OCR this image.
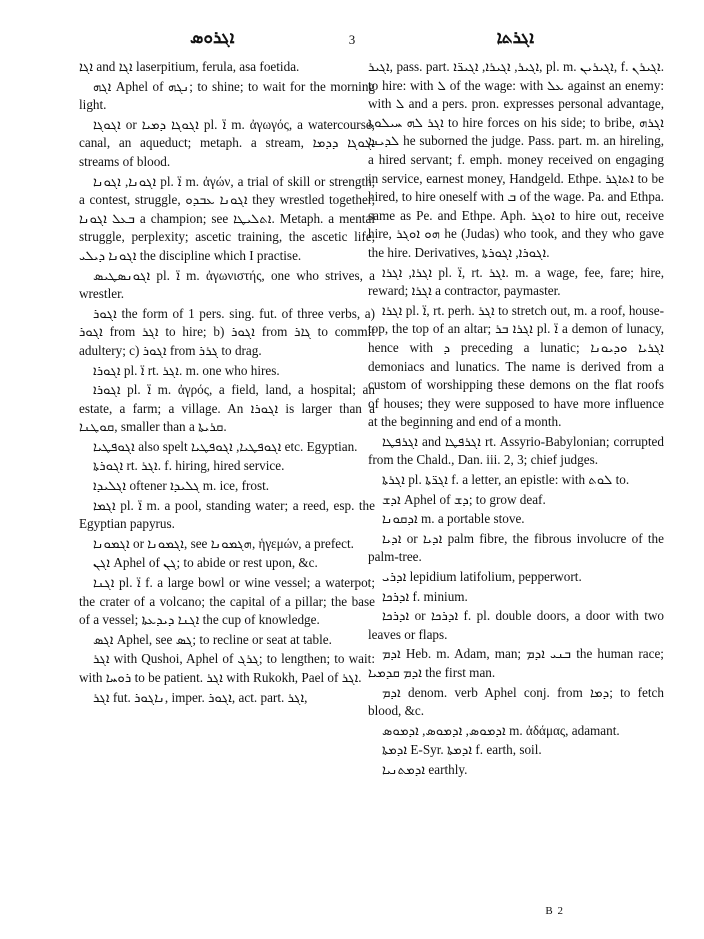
ܐܓܪܘܣ	3	ܐܓܪܬܐ

ܐܓܐ and ܐܓܐ laserpitium, ferula, asa foetida.

ܐܓܗ Aphel of ܢܓܗ; to shine; to wait for the morning light.

ܐܓܘܓܐ or ܐܓܘܓܐ ܕܡܝܐ pl. ܐ̈ m. ἀγωγός, a watercourse, canal, an aqueduct; metaph. a stream, ܐܓܘܓܐ ܕܕܡܐ streams of blood.

ܐܓܘܢܐ, ܐܓܘܢܐ pl. ܐ̈ m. ἀγών, a trial of skill or strength, a contest, struggle, ܐܓܘܢܐ ܥܒܕܘ they wrestled together, ܒܥܠ ܐܓܘܢܐ a champion; see ܐܬܠܝܛܐ. Metaph. a mental struggle, perplexity; ascetic training, the ascetic life, ܐܓܘܢܐ ܕܝܠܝ the discipline which I practise.

ܐܓܘܢܣܛܝܣ pl. ܐ̈ m. ἀγωνιστής, one who strives, a wrestler.

ܐܓܘܪ the form of 1 pers. sing. fut. of three verbs, a) ܐܓܘܪ from ܐܓܪ to hire; b) ܐܓܘܪ from ܓܐܪ to commit adultery; c) ܐܓܘܪ from ܓܪܪ to drag.

ܐܓܘܪܐ pl. ܐ̈ rt. ܐܓܪ. m. one who hires.

ܐܓܘܪܐ pl. ܐ̈ m. ἀγρός, a field, land, a hospital; an estate, a farm; a village. An ܐܓܘܪܐ is larger than a ܩܘܛܢܐ, smaller than a ܩܪܝܬܐ.

ܐܓܘܦܛܝܐ also spelt ܐܓܘܦܛܝܐ, ܐܓܘܦܛܝܐ etc. Egyptian.

ܐܓܘܪܬܐ rt. ܐܓܪ. f. hiring, hired service.

ܐܓܠܝܕܐ oftener ܓܠܝܕܐ m. ice, frost.

ܐܓܡܐ pl. ܐ̈ m. a pool, standing water; a reed, esp. the Egyptian papyrus.

ܐܓܡܘܢܐ or ܐܓܡܘܢܐ, see ܗܓܡܘܢܐ, ἡγεμών, a prefect.

ܐܓܢ Aphel of ܓܢ; to abide or rest upon, &c.

ܐܓܢܐ pl. ܐ̈ f. a large bowl or wine vessel; a waterpot; the crater of a volcano; the capital of a pillar; the base of a vessel; ܐܓܢܐ ܕܝܕܥܬܐ the cup of knowledge.

ܐܓܣ Aphel, see ܓܣ; to recline or seat at table.

ܐܓܪ with Qushoi, Aphel of ܓܪܓ; to lengthen; to wait: with ܪܘܚܐ to be patient. ܐܓܪ with Rukokh, Pael of ܐܓܪ.

ܐܓܪ fut. ܢܐܓܘܪ, imper. ܐܓܘܪ, act. part. ܐܓܪ,

ܐܓܝܪ, pass. part. ܐܓܝܪ, ܐܓܝܪܐ, ܐܓܝܪ̈ܐ, pl. m. ܐܓܝܪܝܢ, f. ܐܓܝܪܢ. to hire: with ܠ of the wage: with ܥܠ against an enemy: with ܠ and a pers. pron. expresses personal advantage, ܐܓܪ ܠܗ ܚܝܠܘܬܐ to hire forces on his side; to bribe, ܐܓܪܗ ܠܕܝܢܐ he suborned the judge. Pass. part. m. an hireling, a hired servant; f. emph. money received on engaging in service, earnest money, Handgeld. Ethpe. ܐܬܐܓܪ to be hired, to hire oneself with ܒ of the wage. Pa. and Ethpa. same as Pe. and Ethpe. Aph. ܐܘܓܪ to hire out, receive hire, ܗܘ ܐܘܓܪ he (Judas) who took, and they who gave the hire. Derivatives, ܐܓܘܪܐ, ܐܓܘܪܬܐ.

ܐܓܪܐ, ܐܓܪܐ pl. ܐ̈, rt. ܐܓܪ. m. a wage, fee, fare; hire, reward; ܐܓܪܐ a contractor, paymaster.

ܐܓܪܐ pl. ܐ̈, rt. perh. ܐܓܪ to stretch out, m. a roof, house-top, the top of an altar; ܐܓܪܐ ܒܪ pl. ܐ̈ a demon of lunacy, hence with ܕ preceding a lunatic; ܐܓܪܝܐ ܘܕܝܘܢܐ demoniacs and lunatics. The name is derived from a custom of worshipping these demons on the flat roofs of houses; they were supposed to have more influence at the beginning and end of a month.

ܐܓܪܦܛܐ and ܐܓܪܦܛܐ rt. Assyrio-Babylonian; corrupted from the Chald., Dan. iii. 2, 3; chief judges.

ܐܓܪܬܐ pl. ܐܓܪ̈ܬܐ f. a letter, an epistle: with ܠܘܬ to.

ܐܕܫ Aphel of ܕܫ; to grow deaf.

ܐܕܩܘܢܐ m. a portable stove.

ܐܕܝܐ or ܐܕܝܐ palm fibre, the fibrous involucre of the palm-tree.

ܐܕܪܝ lepidium latifolium, pepperwort.

ܐܕܪܟܐ f. minium.

ܐܕܪܟܐ or ܐܕܪܟܐ f. pl. double doors, a door with two leaves or flaps.

ܐܕܡ Heb. m. Adam, man; ܒܢܝ ܐܕܡ the human race; ܐܕܡ ܩܕܡܝܐ the first man.

ܐܕܡ denom. verb Aphel conj. from ܕܡܐ; to fetch blood, &c.

ܐܕܡܘܣ, ܐܕܡܘܣ, ܐܕܡܘܣ m. ἀδάμας, adamant.

ܐܕܡܬܐ E-Syr. ܐܕܡܬܐ f. earth, soil.

ܐܕܡܬܢܝܐ earthly.

B 2
